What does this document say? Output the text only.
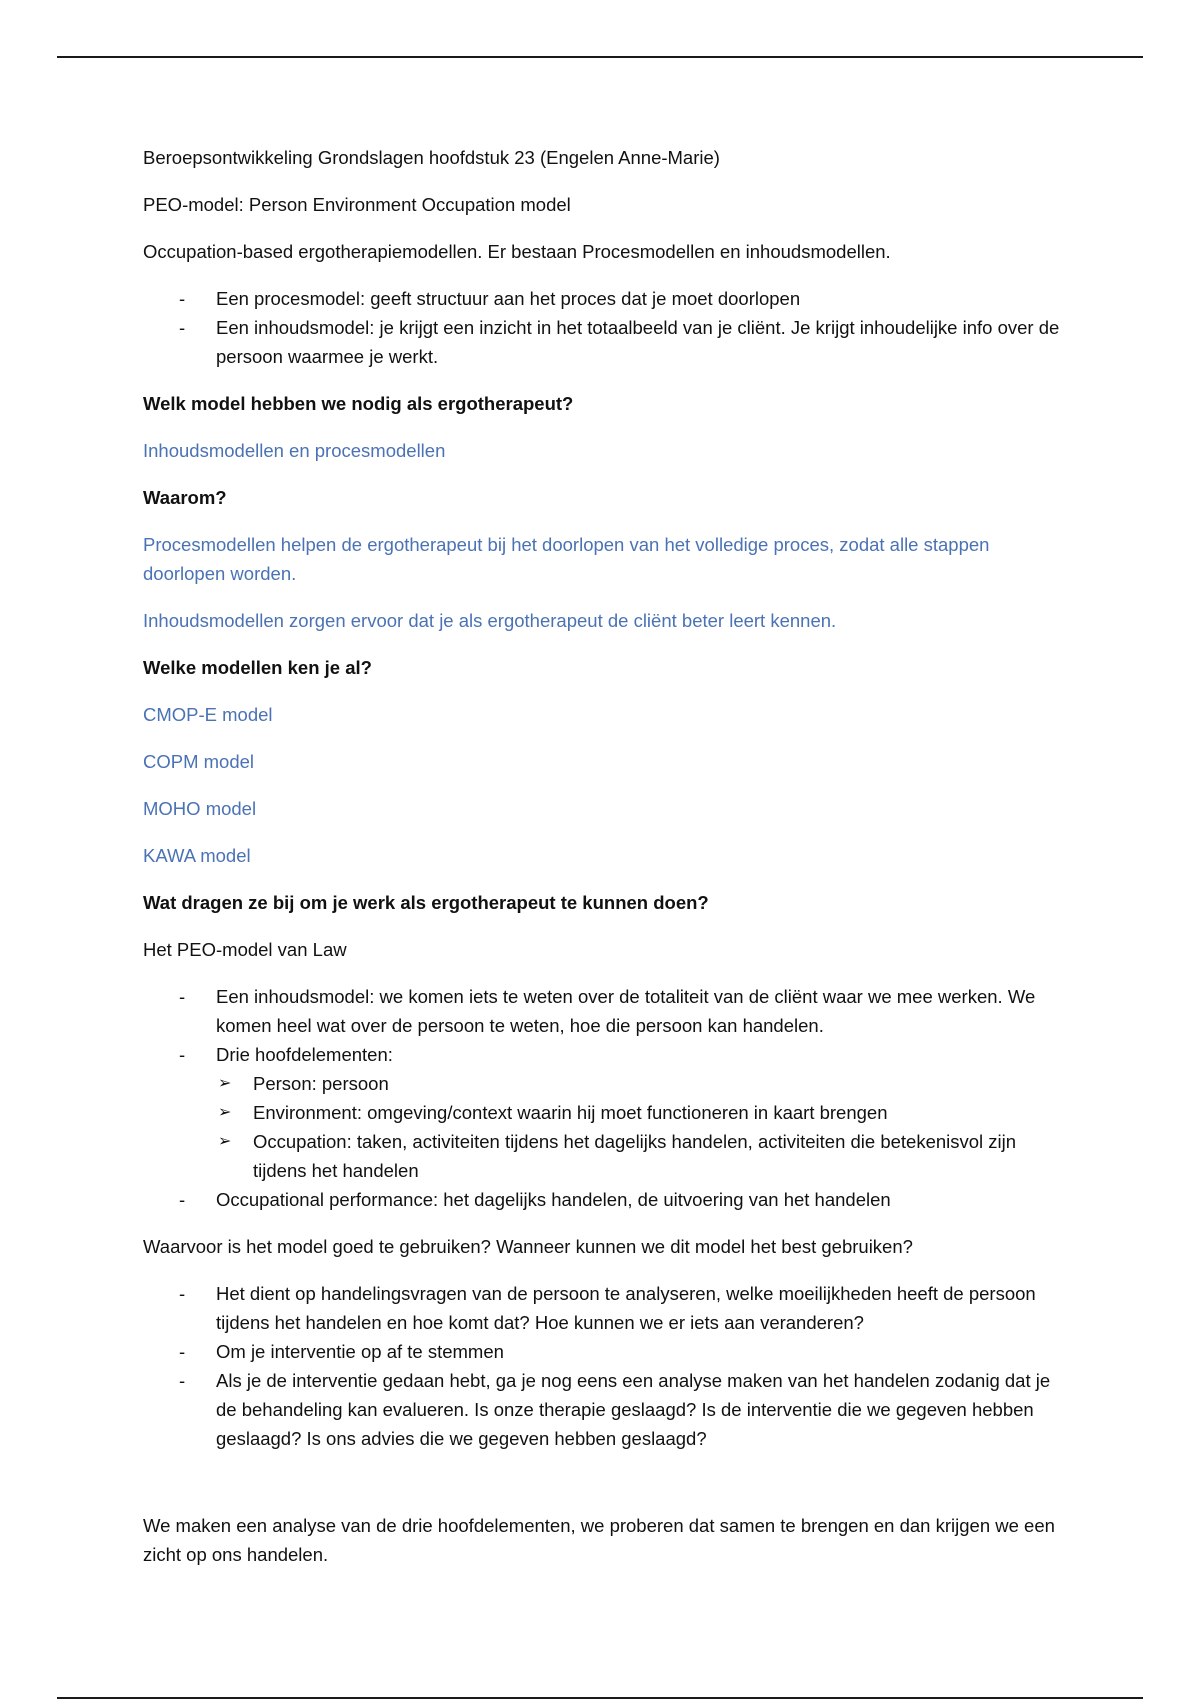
Beroepsontwikkeling Grondslagen hoofdstuk 23 (Engelen Anne-Marie)

PEO-model: Person Environment Occupation model

Occupation-based ergotherapiemodellen. Er bestaan Procesmodellen en inhoudsmodellen.

- Een procesmodel: geeft structuur aan het proces dat je moet doorlopen
- Een inhoudsmodel: je krijgt een inzicht in het totaalbeeld van je cliënt. Je krijgt inhoudelijke info over de persoon waarmee je werkt.

Welk model hebben we nodig als ergotherapeut?

Inhoudsmodellen en procesmodellen

Waarom?

Procesmodellen helpen de ergotherapeut bij het doorlopen van het volledige proces, zodat alle stappen doorlopen worden.

Inhoudsmodellen zorgen ervoor dat je als ergotherapeut de cliënt beter leert kennen.

Welke modellen ken je al?

CMOP-E model

COPM model

MOHO model

KAWA model

Wat dragen ze bij om je werk als ergotherapeut te kunnen doen?

Het PEO-model van Law

- Een inhoudsmodel: we komen iets te weten over de totaliteit van de cliënt waar we mee werken. We komen heel wat over de persoon te weten, hoe die persoon kan handelen.
- Drie hoofdelementen:
➢ Person: persoon
➢ Environment: omgeving/context waarin hij moet functioneren in kaart brengen
➢ Occupation: taken, activiteiten tijdens het dagelijks handelen, activiteiten die betekenisvol zijn tijdens het handelen
- Occupational performance: het dagelijks handelen, de uitvoering van het handelen

Waarvoor is het model goed te gebruiken? Wanneer kunnen we dit model het best gebruiken?

- Het dient op handelingsvragen van de persoon te analyseren, welke moeilijkheden heeft de persoon tijdens het handelen en hoe komt dat? Hoe kunnen we er iets aan veranderen?
- Om je interventie op af te stemmen
- Als je de interventie gedaan hebt, ga je nog eens een analyse maken van het handelen zodanig dat je de behandeling kan evalueren. Is onze therapie geslaagd? Is de interventie die we gegeven hebben geslaagd? Is ons advies die we gegeven hebben geslaagd?

We maken een analyse van de drie hoofdelementen, we proberen dat samen te brengen en dan krijgen we een zicht op ons handelen.
